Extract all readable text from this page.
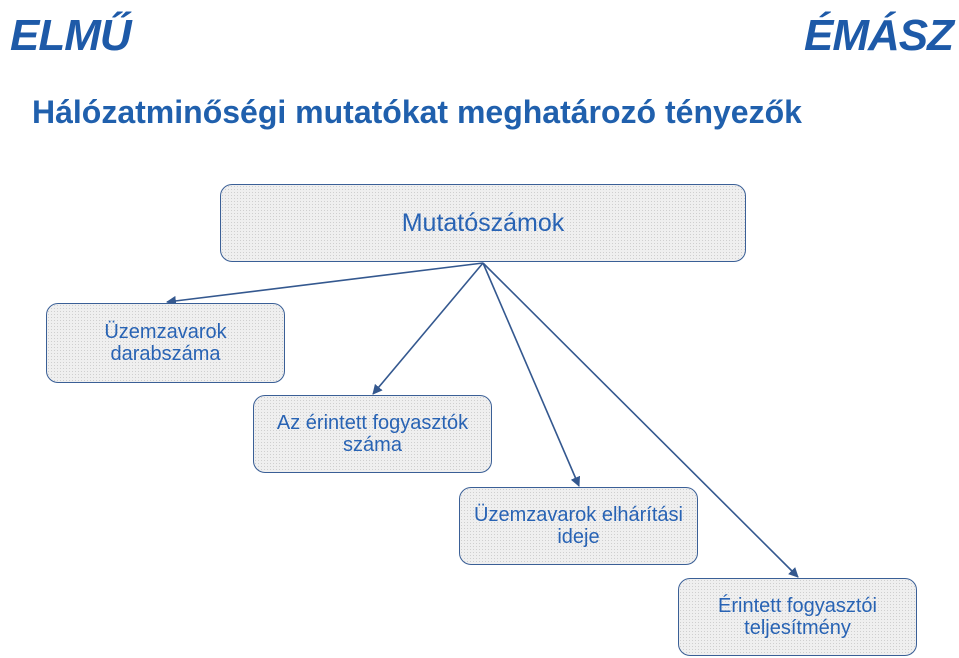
ELMŰ	ÉMÁSZ
Hálózatminőségi mutatókat meghatározó tényezők
Mutatószámok
Üzemzavarok
darabszáma
Az érintett fogyasztók
száma
Üzemzavarok elhárítási
ideje
Érintett fogyasztói
teljesítmény
